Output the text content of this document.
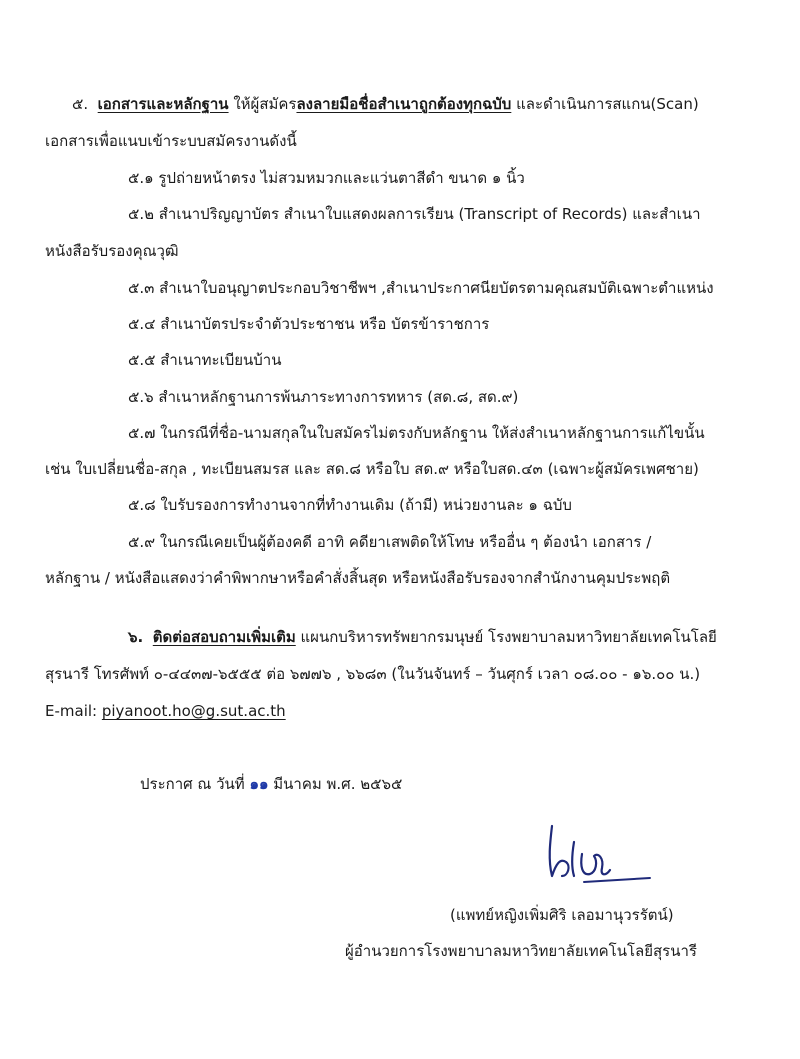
๕. เอกสารและหลักฐาน ให้ผู้สมัครลงลายมือชื่อสำเนาถูกต้องทุกฉบับ และดำเนินการสแกน(Scan)
เอกสารเพื่อแนบเข้าระบบสมัครงานดังนี้
๕.๑ รูปถ่ายหน้าตรง ไม่สวมหมวกและแว่นตาสีดำ ขนาด ๑ นิ้ว
๕.๒ สำเนาปริญญาบัตร สำเนาใบแสดงผลการเรียน (Transcript of Records) และสำเนา
หนังสือรับรองคุณวุฒิ
๕.๓ สำเนาใบอนุญาตประกอบวิชาชีพฯ ,สำเนาประกาศนียบัตรตามคุณสมบัติเฉพาะตำแหน่ง
๕.๔ สำเนาบัตรประจำตัวประชาชน หรือ บัตรข้าราชการ
๕.๕ สำเนาทะเบียนบ้าน
๕.๖ สำเนาหลักฐานการพ้นภาระทางการทหาร (สด.๘, สด.๙)
๕.๗ ในกรณีที่ชื่อ-นามสกุลในใบสมัครไม่ตรงกับหลักฐาน ให้ส่งสำเนาหลักฐานการแก้ไขนั้น
เช่น ใบเปลี่ยนชื่อ-สกุล , ทะเบียนสมรส และ สด.๘ หรือใบ สด.๙ หรือใบสด.๔๓ (เฉพาะผู้สมัครเพศชาย)
๕.๘ ใบรับรองการทำงานจากที่ทำงานเดิม (ถ้ามี) หน่วยงานละ ๑ ฉบับ
๕.๙ ในกรณีเคยเป็นผู้ต้องคดี อาทิ คดียาเสพติดให้โทษ หรืออื่น ๆ ต้องนำ เอกสาร /
หลักฐาน / หนังสือแสดงว่าคำพิพากษาหรือคำสั่งสิ้นสุด หรือหนังสือรับรองจากสำนักงานคุมประพฤติ
๖. ติดต่อสอบถามเพิ่มเติม แผนกบริหารทรัพยากรมนุษย์ โรงพยาบาลมหาวิทยาลัยเทคโนโลยี
สุรนารี โทรศัพท์ ๐-๔๔๓๗-๖๕๕๕ ต่อ ๖๗๗๖ , ๖๖๘๓ (ในวันจันทร์ – วันศุกร์ เวลา ๐๘.๐๐ - ๑๖.๐๐ น.)
E-mail: piyanoot.ho@g.sut.ac.th
ประกาศ ณ วันที่ ๑๑ มีนาคม พ.ศ. ๒๕๖๕
(แพทย์หญิงเพิ่มศิริ เลอมานุวรรัตน์)
ผู้อำนวยการโรงพยาบาลมหาวิทยาลัยเทคโนโลยีสุรนารี
